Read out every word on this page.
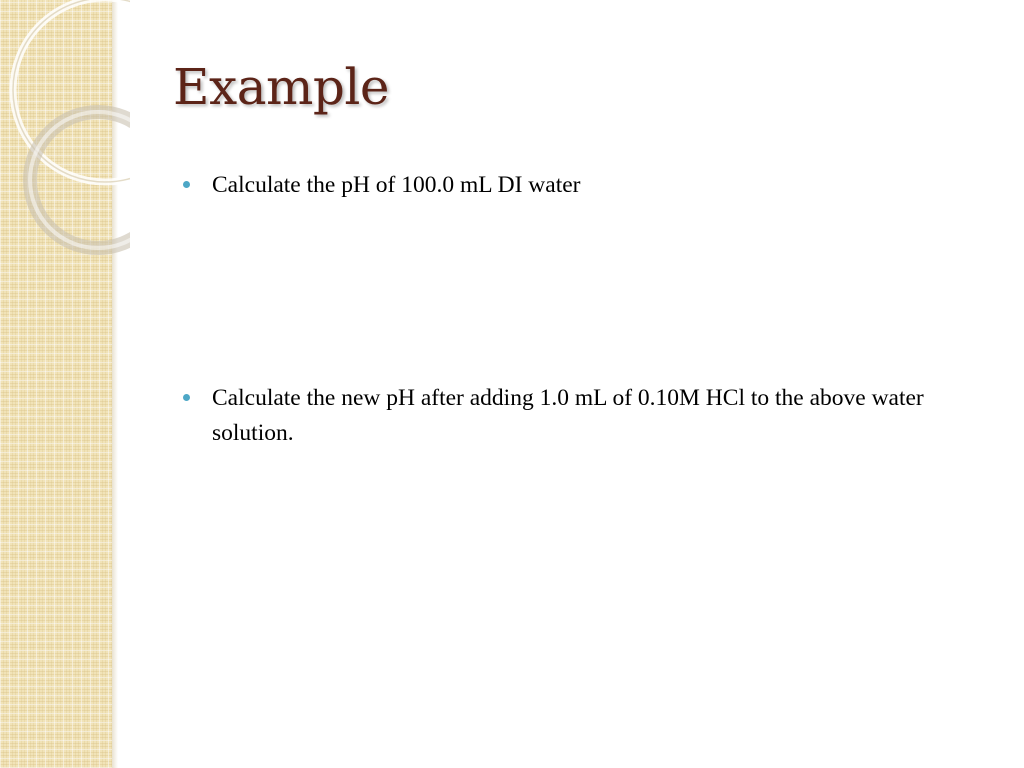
Example
Calculate the pH of 100.0 mL DI water
Calculate the new pH after adding 1.0 mL of 0.10M HCl to the above water solution.
